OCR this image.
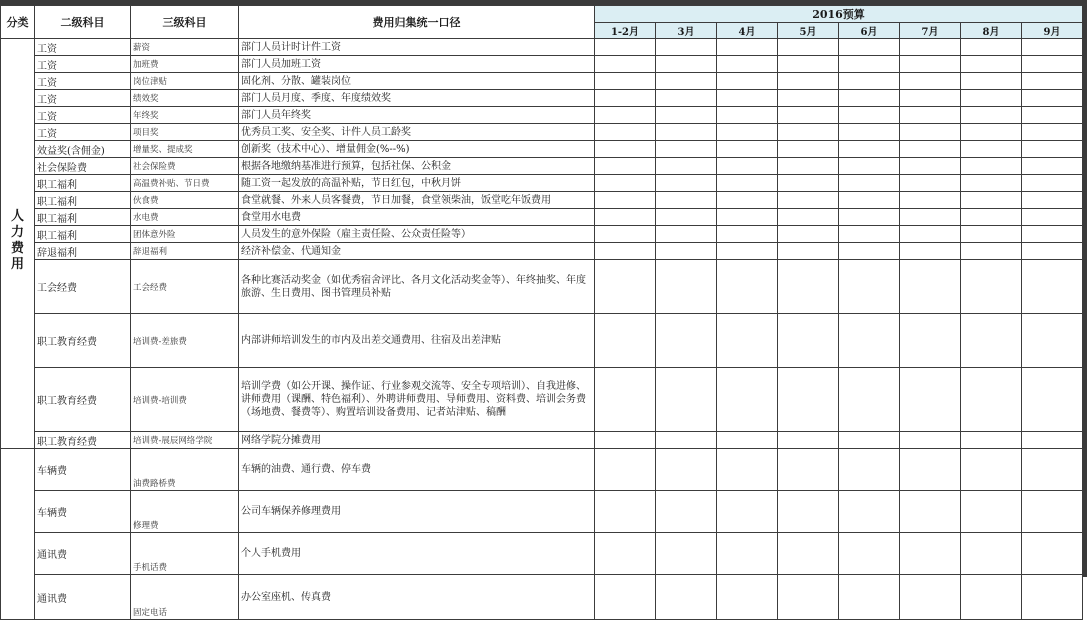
分类	二级科目	三级科目	费用归集统一口径	2016预算							
				1-2月	3月	4月	5月	6月	7月	8月	9月
人力费用	工资	薪资	部门人员计时计件工资								
	工资	加班费	部门人员加班工资								
	工资	岗位津贴	固化剂、分散、罐装岗位								
	工资	绩效奖	部门人员月度、季度、年度绩效奖								
	工资	年终奖	部门人员年终奖								
	工资	项目奖	优秀员工奖、安全奖、计件人员工龄奖								
	效益奖(含佣金)	增量奖、提成奖	创新奖（技术中心）、增量佣金(%--%)								
	社会保险费	社会保险费	根据各地缴纳基准进行预算，包括社保、公积金								
	职工福利	高温费补贴、节日费	随工资一起发放的高温补贴，节日红包，中秋月饼								
	职工福利	伙食费	食堂就餐、外来人员客餐费，节日加餐，食堂领柴油，饭堂吃年饭费用								
	职工福利	水电费	食堂用水电费								
	职工福利	团体意外险	人员发生的意外保险（雇主责任险、公众责任险等）								
	辞退福利	辞退福利	经济补偿金、代通知金								
	工会经费	工会经费	各种比赛活动奖金（如优秀宿舍评比、各月文化活动奖金等）、年终抽奖、年度旅游、生日费用、图书管理员补贴								
	职工教育经费	培训费-差旅费	内部讲师培训发生的市内及出差交通费用、往宿及出差津贴								
	职工教育经费	培训费-培训费	培训学费（如公开课、操作证、行业参观交流等、安全专项培训）、自我进修、讲师费用（课酬、特色福利）、外聘讲师费用、导师费用、资料费、培训会务费（场地费、餐费等）、购置培训设备费用、记者站津贴、稿酬								
	职工教育经费	培训费-展辰网络学院	网络学院分摊费用								
	车辆费	油费路桥费	车辆的油费、通行费、停车费								
	车辆费	修理费	公司车辆保养修理费用								
	通讯费	手机话费	个人手机费用								
	通讯费	固定电话	办公室座机、传真费								
